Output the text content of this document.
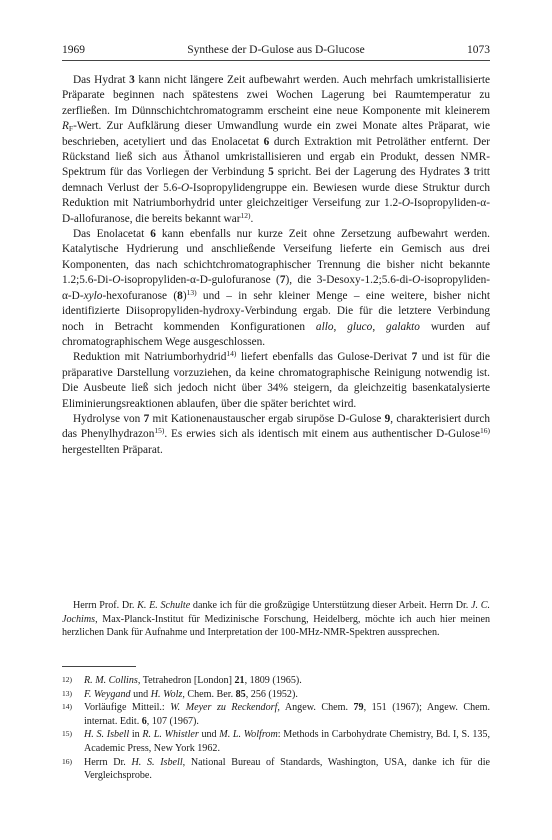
1969	Synthese der D-Gulose aus D-Glucose	1073

Das Hydrat 3 kann nicht längere Zeit aufbewahrt werden. Auch mehrfach umkristallisierte Präparate beginnen nach spätestens zwei Wochen Lagerung bei Raumtemperatur zu zerfließen. Im Dünnschichtchromatogramm erscheint eine neue Komponente mit kleinerem $R_F$-Wert. Zur Aufklärung dieser Umwandlung wurde ein zwei Monate altes Präparat, wie beschrieben, acetyliert und das Enolacetat 6 durch Extraktion mit Petroläther entfernt. Der Rückstand ließ sich aus Äthanol umkristallisieren und ergab ein Produkt, dessen NMR-Spektrum für das Vorliegen der Verbindung 5 spricht. Bei der Lagerung des Hydrates 3 tritt demnach Verlust der 5.6-O-Isopropylidengruppe ein. Bewiesen wurde diese Struktur durch Reduktion mit Natriumborhydrid unter gleichzeitiger Verseifung zur 1.2-O-Isopropyliden-α-D-allofuranose, die bereits bekannt war$^{12)}$.

Das Enolacetat 6 kann ebenfalls nur kurze Zeit ohne Zersetzung aufbewahrt werden. Katalytische Hydrierung und anschließende Verseifung lieferte ein Gemisch aus drei Komponenten, das nach schichtchromatographischer Trennung die bisher nicht bekannte 1.2;5.6-Di-O-isopropyliden-α-D-gulofuranose (7), die 3-Desoxy-1.2;5.6-di-O-isopropyliden-α-D-xylo-hexofuranose $(8)^{13)}$ und – in sehr kleiner Menge – eine weitere, bisher nicht identifizierte Diisopropyliden-hydroxy-Verbindung ergab. Die für die letztere Verbindung noch in Betracht kommenden Konfigurationen allo, gluco, galakto wurden auf chromatographischem Wege ausgeschlossen.

Reduktion mit Natriumborhydrid$^{14)}$ liefert ebenfalls das Gulose-Derivat 7 und ist für die präparative Darstellung vorzuziehen, da keine chromatographische Reinigung notwendig ist. Die Ausbeute ließ sich jedoch nicht über 34% steigern, da gleichzeitig basenkatalysierte Eliminierungsreaktionen ablaufen, über die später berichtet wird.

Hydrolyse von 7 mit Kationenaustauscher ergab sirupöse D-Gulose 9, charakterisiert durch das Phenylhydrazon$^{15)}$. Es erwies sich als identisch mit einem aus authentischer D-Gulose$^{16)}$ hergestellten Präparat.

Herrn Prof. Dr. K. E. Schulte danke ich für die großzügige Unterstützung dieser Arbeit. Herrn Dr. J. C. Jochims, Max-Planck-Institut für Medizinische Forschung, Heidelberg, möchte ich auch hier meinen herzlichen Dank für Aufnahme und Interpretation der 100-MHz-NMR-Spektren aussprechen.

12 ) R. M. Collins, Tetrahedron [London] 21, 1809 (1965).
13 ) F. Weygand und H. Wolz, Chem. Ber. 85, 256 (1952).
14 ) Vorläufige Mitteil.: W. Meyer zu Reckendorf, Angew. Chem. 79, 151 (1967); Angew. Chem. internat. Edit. 6, 107 (1967).
15 ) H. S. Isbell in R. L. Whistler und M. L. Wolfrom: Methods in Carbohydrate Chemistry, Bd. I, S. 135, Academic Press, New York 1962.
16 ) Herrn Dr. H. S. Isbell, National Bureau of Standards, Washington, USA, danke ich für die Vergleichsprobe.
